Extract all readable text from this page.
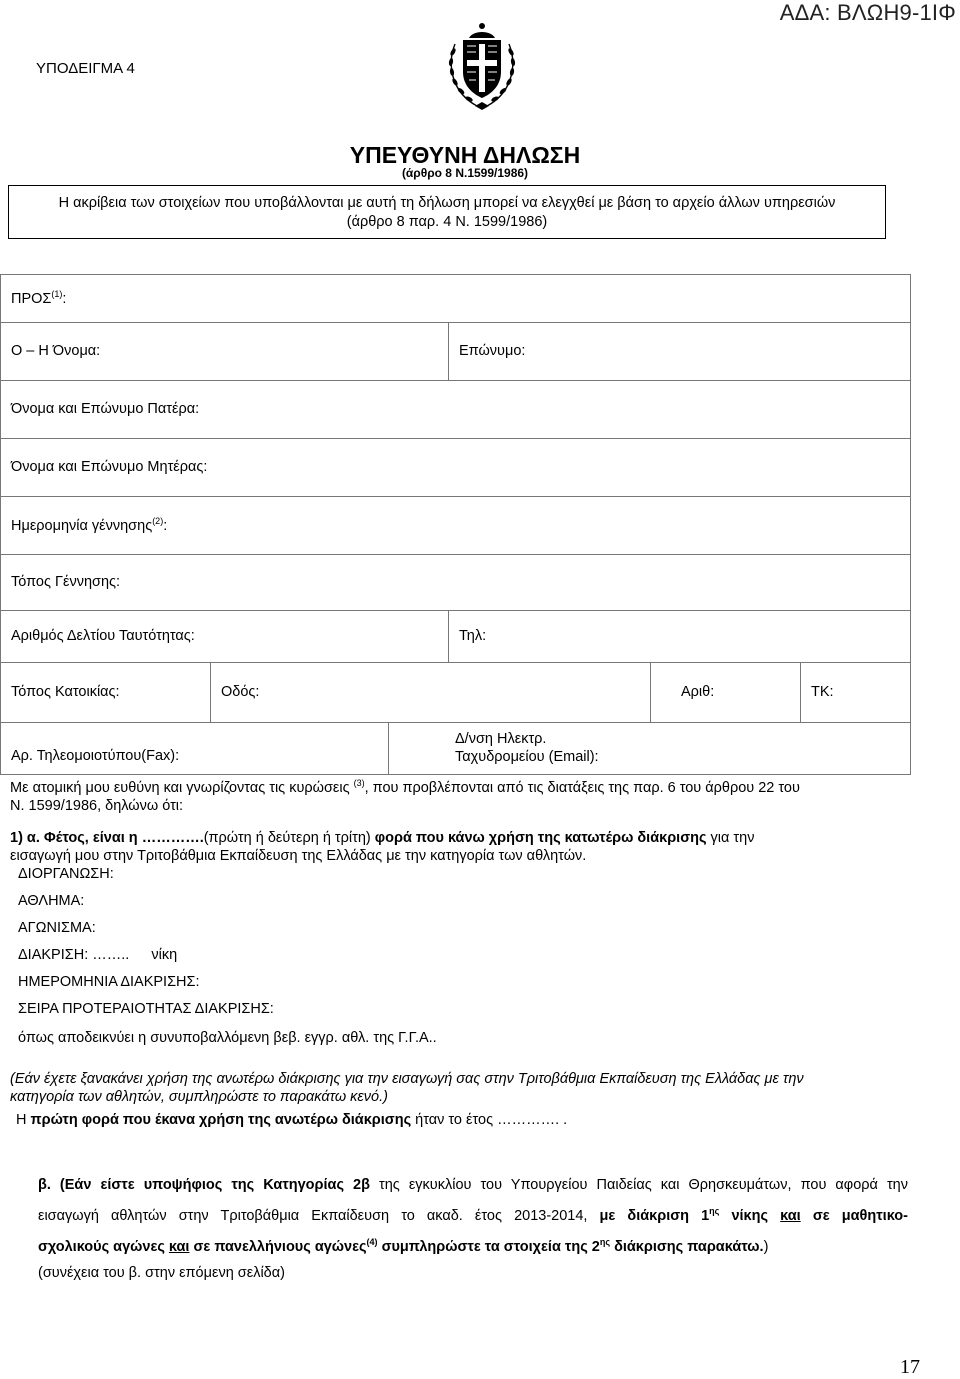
ΑΔΑ: ΒΛΩΗ9-1ΙΦ
ΥΠΟΔΕΙΓΜΑ 4
ΥΠΕΥΘΥΝΗ ΔΗΛΩΣΗ
(άρθρο 8 Ν.1599/1986)
Η ακρίβεια των στοιχείων που υποβάλλονται με αυτή τη δήλωση μπορεί να ελεγχθεί με βάση το αρχείο άλλων υπηρεσιών
(άρθρο 8 παρ. 4 Ν. 1599/1986)

ΠΡΟΣ$^{(1)}$:					
Ο – Η Όνομα:			Επώνυμο:		
Όνομα και Επώνυμο Πατέρα:					
Όνομα και Επώνυμο Μητέρας:					
Ημερομηνία γέννησης$^{(2)}$:					
Τόπος Γέννησης:					
Αριθμός Δελτίου Ταυτότητας:			Τηλ:		
Τόπος Κατοικίας:	Οδός:			Αριθ:	ΤΚ:
Αρ. Τηλεομοιοτύπου(Fax):		Δ/νση Ηλεκτρ.
Ταχυδρομείου (Email):			
Με ατομική μου ευθύνη και γνωρίζοντας τις κυρώσεις $^{(3)}$, που προβλέπονται από τις διατάξεις της παρ. 6 του άρθρου 22 του
Ν. 1599/1986, δηλώνω ότι:
1) α. Φέτος, είναι η ………….(πρώτη ή δεύτερη ή τρίτη) φορά που κάνω χρήση της κατωτέρω διάκρισης για την
εισαγωγή μου στην Τριτοβάθμια Εκπαίδευση της Ελλάδας με την κατηγορία των αθλητών.
ΔΙΟΡΓΑΝΩΣΗ:
ΑΘΛΗΜΑ:
ΑΓΩΝΙΣΜΑ:
ΔΙΑΚΡΙΣΗ: …….. νίκη
ΗΜΕΡΟΜΗΝΙΑ ΔΙΑΚΡΙΣΗΣ:
ΣΕΙΡΑ ΠΡΟΤΕΡΑΙΟΤΗΤΑΣ ΔΙΑΚΡΙΣΗΣ:
όπως αποδεικνύει η συνυποβαλλόμενη βεβ. εγγρ. αθλ. της Γ.Γ.Α..
(Εάν έχετε ξανακάνει χρήση της ανωτέρω διάκρισης για την εισαγωγή σας στην Τριτοβάθμια Εκπαίδευση της Ελλάδας με την
κατηγορία των αθλητών, συμπληρώστε το παρακάτω κενό.)
Η πρώτη φορά που έκανα χρήση της ανωτέρω διάκρισης ήταν το έτος …………. .
β. (Εάν είστε υποψήφιος της Κατηγορίας 2β της εγκυκλίου του Υπουργείου Παιδείας και Θρησκευμάτων, που αφορά την
εισαγωγή αθλητών στην Τριτοβάθμια Εκπαίδευση το ακαδ. έτος 2013-2014, με διάκριση $1^{\eta\varsigma}$ νίκης και σε μαθητικο-
σχολικούς αγώνες και σε πανελλήνιους αγώνες$^{(4)}$ συμπληρώστε τα στοιχεία της $2^{\eta\varsigma}$ διάκρισης παρακάτω.)
(συνέχεια του β. στην επόμενη σελίδα)
17
